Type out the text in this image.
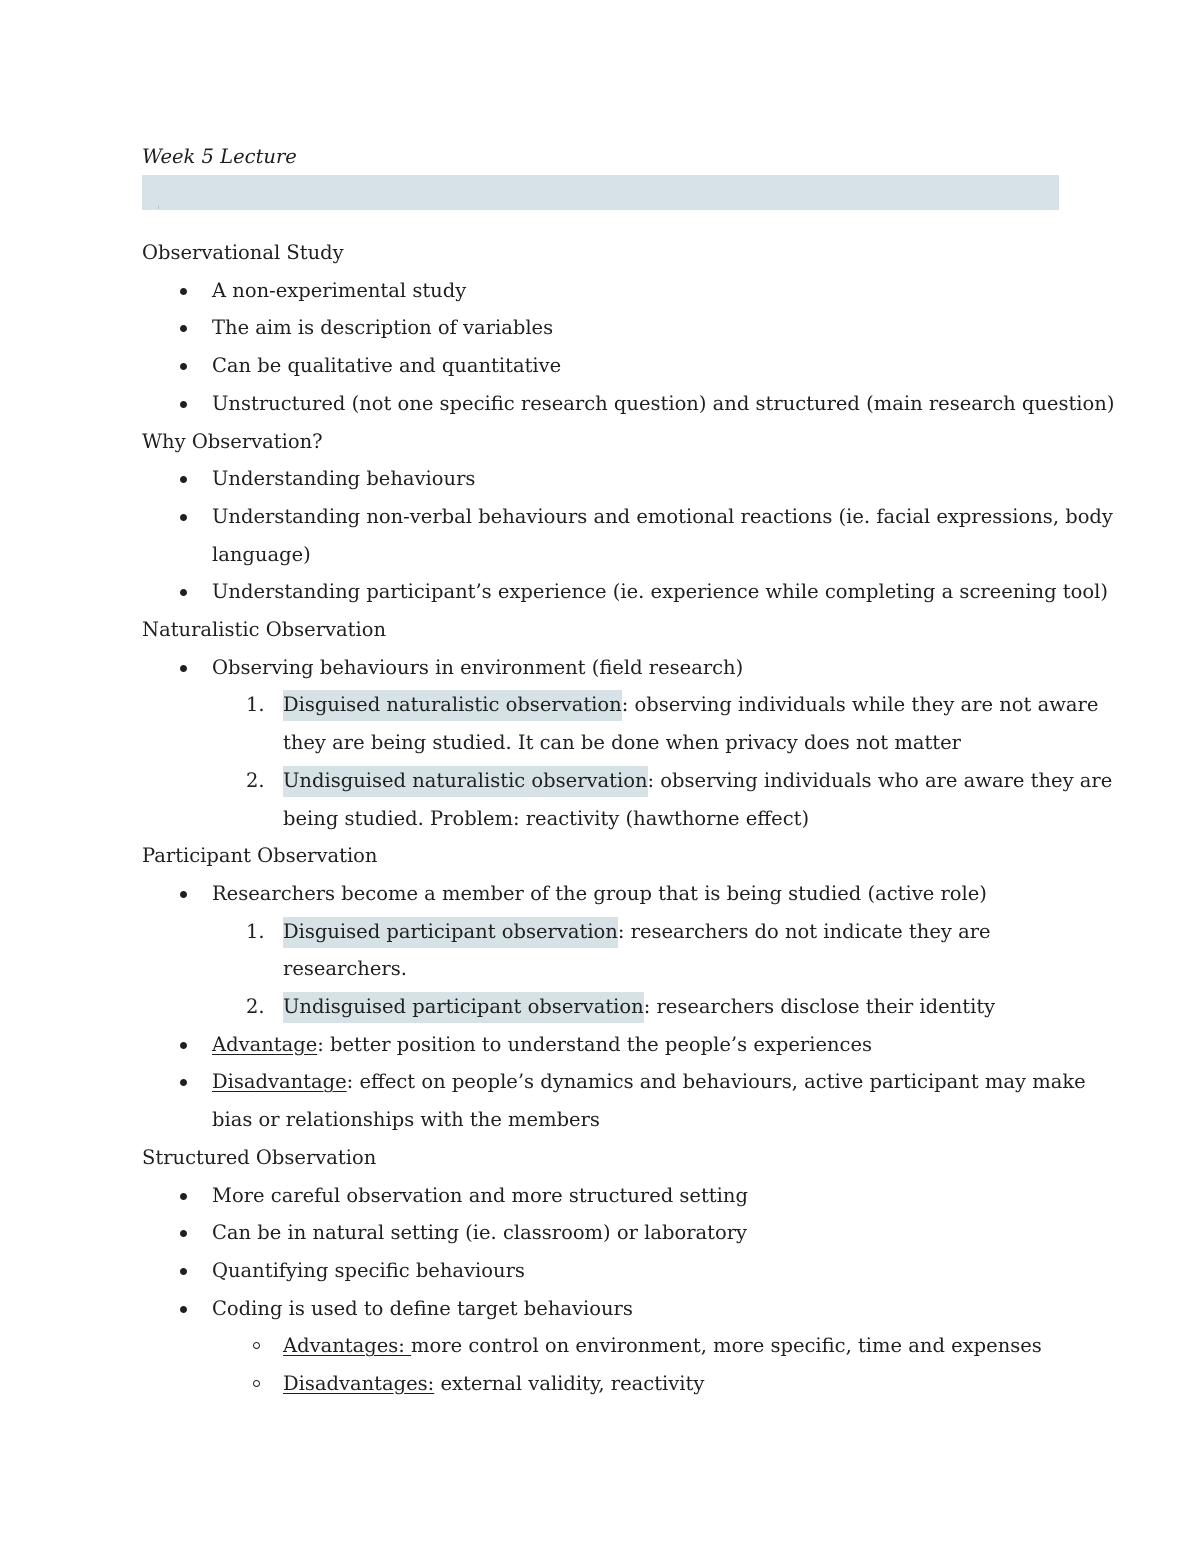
Week 5 Lecture
Observational Study
A non-experimental study
The aim is description of variables
Can be qualitative and quantitative
Unstructured (not one specific research question) and structured (main research question)
Why Observation?
Understanding behaviours
Understanding non-verbal behaviours and emotional reactions (ie. facial expressions, body
language)
Understanding participant’s experience (ie. experience while completing a screening tool)
Naturalistic Observation
Observing behaviours in environment (field research)
1. Disguised naturalistic observation: observing individuals while they are not aware
they are being studied. It can be done when privacy does not matter
2. Undisguised naturalistic observation: observing individuals who are aware they are
being studied. Problem: reactivity (hawthorne effect)
Participant Observation
Researchers become a member of the group that is being studied (active role)
1. Disguised participant observation: researchers do not indicate they are
researchers.
2. Undisguised participant observation: researchers disclose their identity
Advantage: better position to understand the people’s experiences
Disadvantage: effect on people’s dynamics and behaviours, active participant may make
bias or relationships with the members
Structured Observation
More careful observation and more structured setting
Can be in natural setting (ie. classroom) or laboratory
Quantifying specific behaviours
Coding is used to define target behaviours
Advantages: more control on environment, more specific, time and expenses
Disadvantages: external validity, reactivity
